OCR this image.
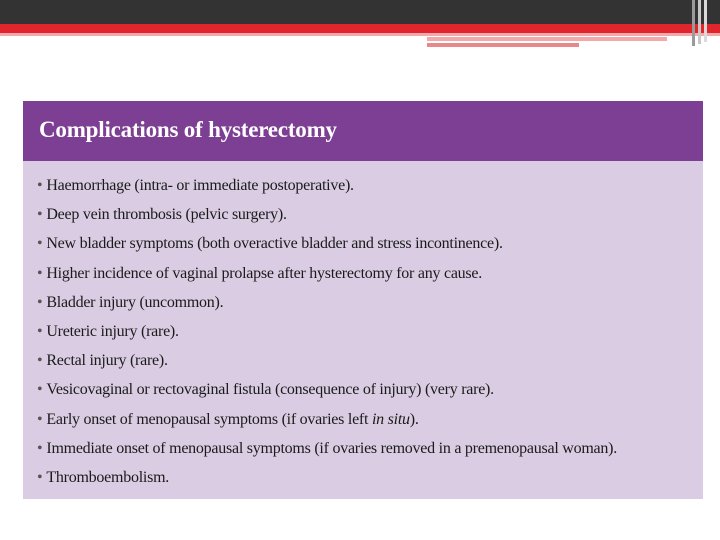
Complications of hysterectomy
• Haemorrhage (intra- or immediate postoperative).
• Deep vein thrombosis (pelvic surgery).
• New bladder symptoms (both overactive bladder and stress incontinence).
• Higher incidence of vaginal prolapse after hysterectomy for any cause.
• Bladder injury (uncommon).
• Ureteric injury (rare).
• Rectal injury (rare).
• Vesicovaginal or rectovaginal fistula (consequence of injury) (very rare).
• Early onset of menopausal symptoms (if ovaries left in situ).
• Immediate onset of menopausal symptoms (if ovaries removed in a premenopausal woman).
• Thromboembolism.
